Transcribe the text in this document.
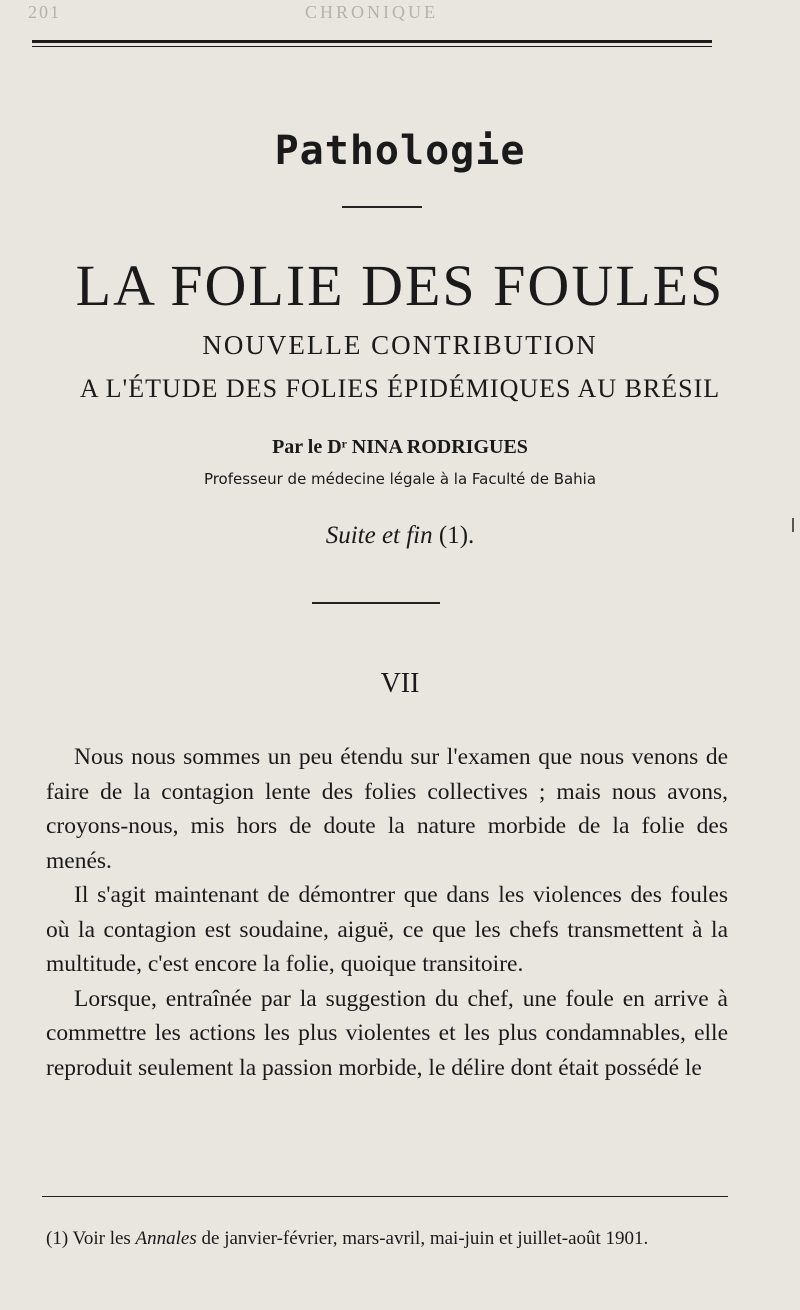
201	CHRONIQUE
Pathologie
LA FOLIE DES FOULES
NOUVELLE CONTRIBUTION
A L'ÉTUDE DES FOLIES ÉPIDÉMIQUES AU BRÉSIL
Par le Dʳ NINA RODRIGUES
Professeur de médecine légale à la Faculté de Bahia
Suite et fin (1).
VII

Nous nous sommes un peu étendu sur l'examen que nous venons de faire de la contagion lente des folies collectives ; mais nous avons, croyons-nous, mis hors de doute la nature morbide de la folie des menés.

Il s'agit maintenant de démontrer que dans les violences des foules où la contagion est soudaine, aiguë, ce que les chefs transmettent à la multitude, c'est encore la folie, quoique transitoire.

Lorsque, entraînée par la suggestion du chef, une foule en arrive à commettre les actions les plus violentes et les plus condamnables, elle reproduit seulement la passion morbide, le délire dont était possédé le

(1) Voir les Annales de janvier-février, mars-avril, mai-juin et juillet-août 1901.
